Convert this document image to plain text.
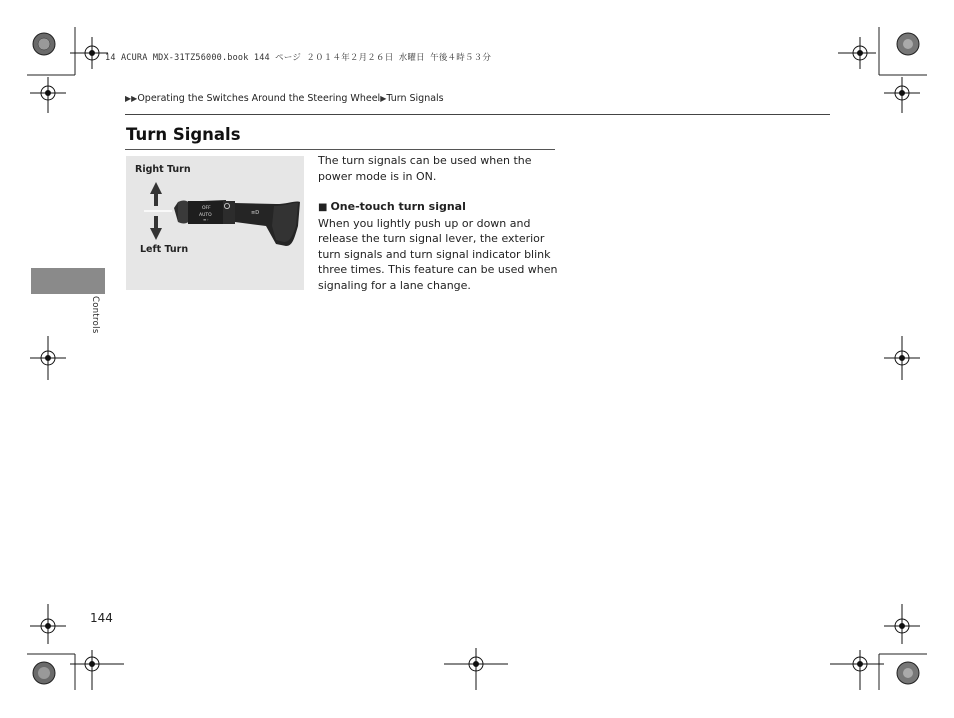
14 ACURA MDX-31TZ56000.book 144 ページ ２０１４年２月２６日 水曜日 午後４時５３分
▶▶Operating the Switches Around the Steering Wheel▶Turn Signals
Turn Signals
Right Turn
Left Turn
OFF
AUTO
≡◦
≡D

The turn signals can be used when the power mode is in ON.

■ One-touch turn signal

When you lightly push up or down and release the turn signal lever, the exterior turn signals and turn signal indicator blink three times. This feature can be used when signaling for a lane change.

Controls
144
